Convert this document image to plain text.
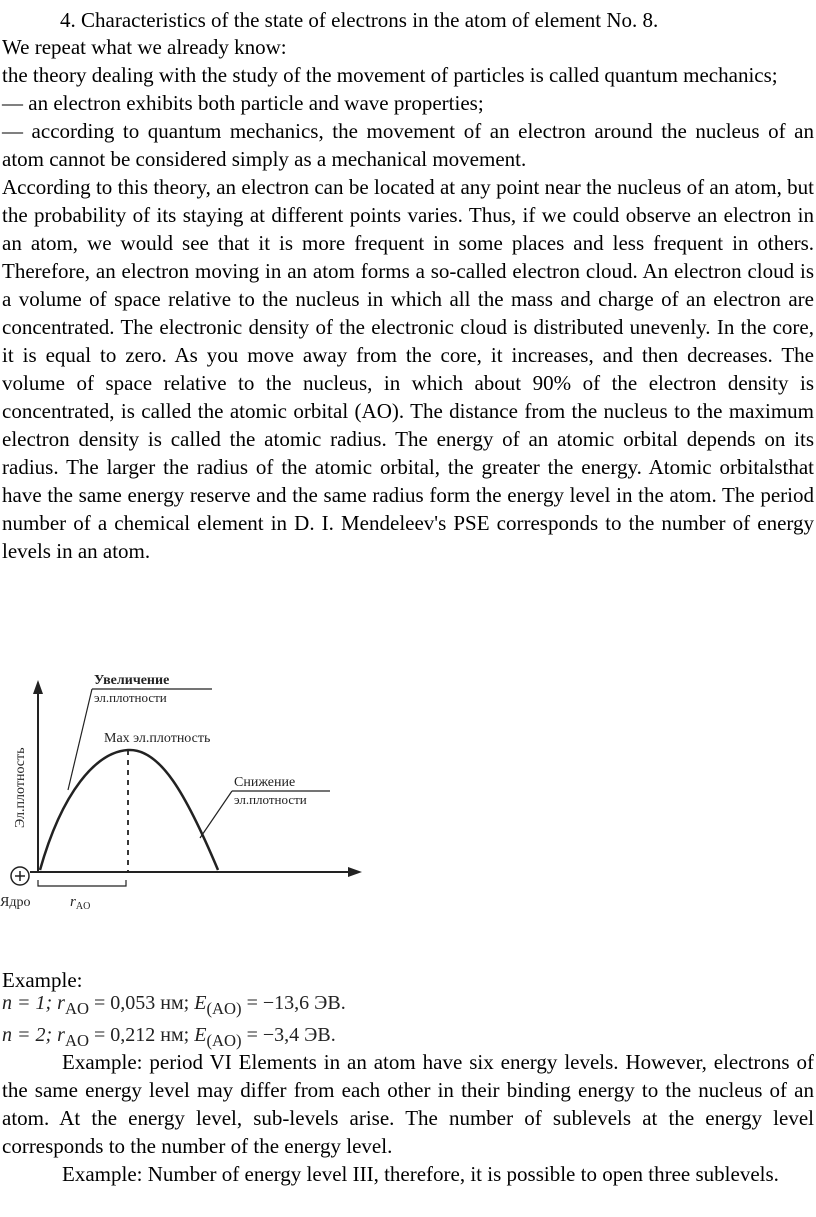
4. Characteristics of the state of electrons in the atom of element No. 8.

We repeat what we already know:

the theory dealing with the study of the movement of particles is called quantum mechanics;

— an electron exhibits both particle and wave properties;

— according to quantum mechanics, the movement of an electron around the nucleus of an atom cannot be considered simply as a mechanical movement.

According to this theory, an electron can be located at any point near the nucleus of an atom, but the probability of its staying at different points varies. Thus, if we could observe an electron in an atom, we would see that it is more frequent in some places and less frequent in others. Therefore, an electron moving in an atom forms a so-called electron cloud. An electron cloud is a volume of space relative to the nucleus in which all the mass and charge of an electron are concentrated. The electronic density of the electronic cloud is distributed unevenly. In the core, it is equal to zero. As you move away from the core, it increases, and then decreases. The volume of space relative to the nucleus, in which about 90% of the electron density is concentrated, is called the atomic orbital (AO). The distance from the nucleus to the maximum electron density is called the atomic radius. The energy of an atomic orbital depends on its radius. The larger the radius of the atomic orbital, the greater the energy. Atomic orbitalsthat have the same energy reserve and the same radius form the energy level in the atom. The period number of a chemical element in D. I. Mendeleev's PSE corresponds to the number of energy levels in an atom.

Эл.плотность
Увеличение
эл.плотности
Max эл.плотность
Снижение
эл.плотности
Ядро	$r_{AO}$
Example:
n = 1; $r_{AO} = 0,053$ нм; $E_{(AO)} = -13,6$ ЭВ.
n = 2; $r_{AO} = 0,212$ нм; $E_{(AO)} = -3,4$ ЭВ.

Example: period VI Elements in an atom have six energy levels. However, electrons of the same energy level may differ from each other in their binding energy to the nucleus of an atom. At the energy level, sub-levels arise. The number of sublevels at the energy level corresponds to the number of the energy level.

Example: Number of energy level III, therefore, it is possible to open three sublevels.
